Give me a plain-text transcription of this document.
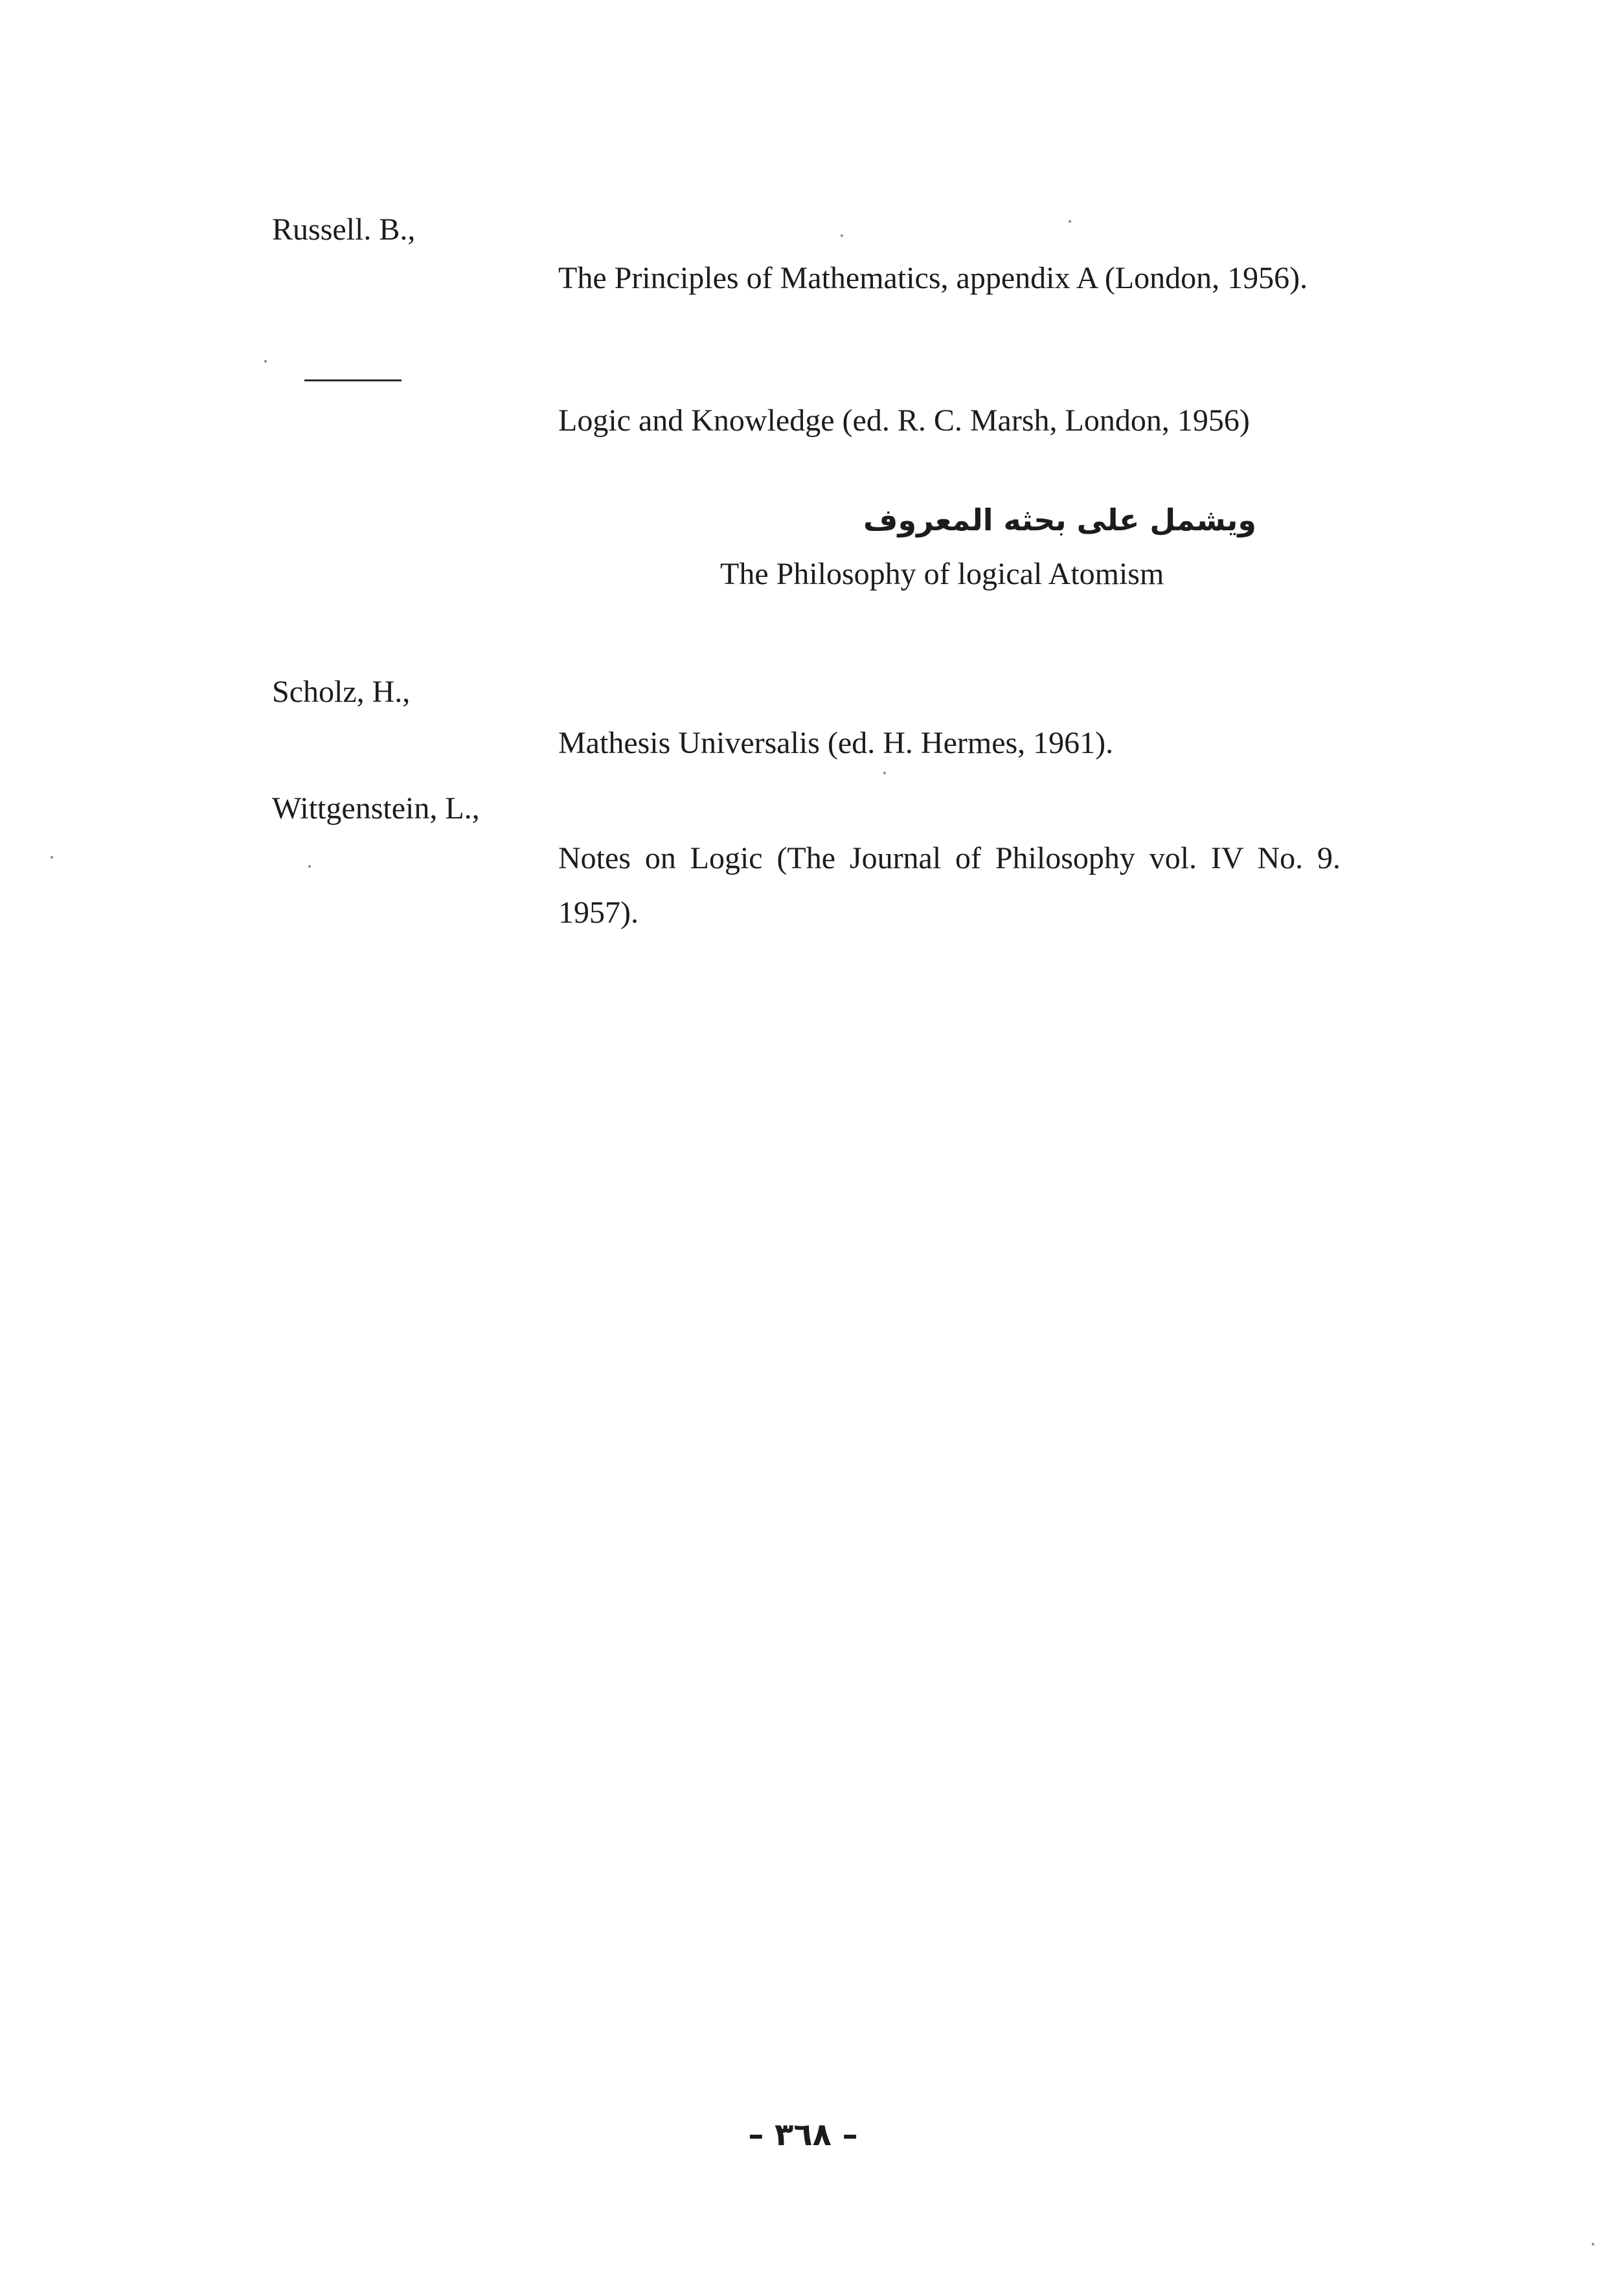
Russell. B.,
The Principles of Mathematics, appendix A (London, 1956).
Logic and Knowledge (ed. R. C. Marsh, London, 1956)
ويشمل على بحثه المعروف
The Philosophy of logical Atomism
Scholz, H.,
Mathesis Universalis (ed. H. Hermes, 1961).
Wittgenstein, L.,
Notes on Logic (The Journal of Philosophy vol. IV No. 9. 1957).
– ٣٦٨ –
